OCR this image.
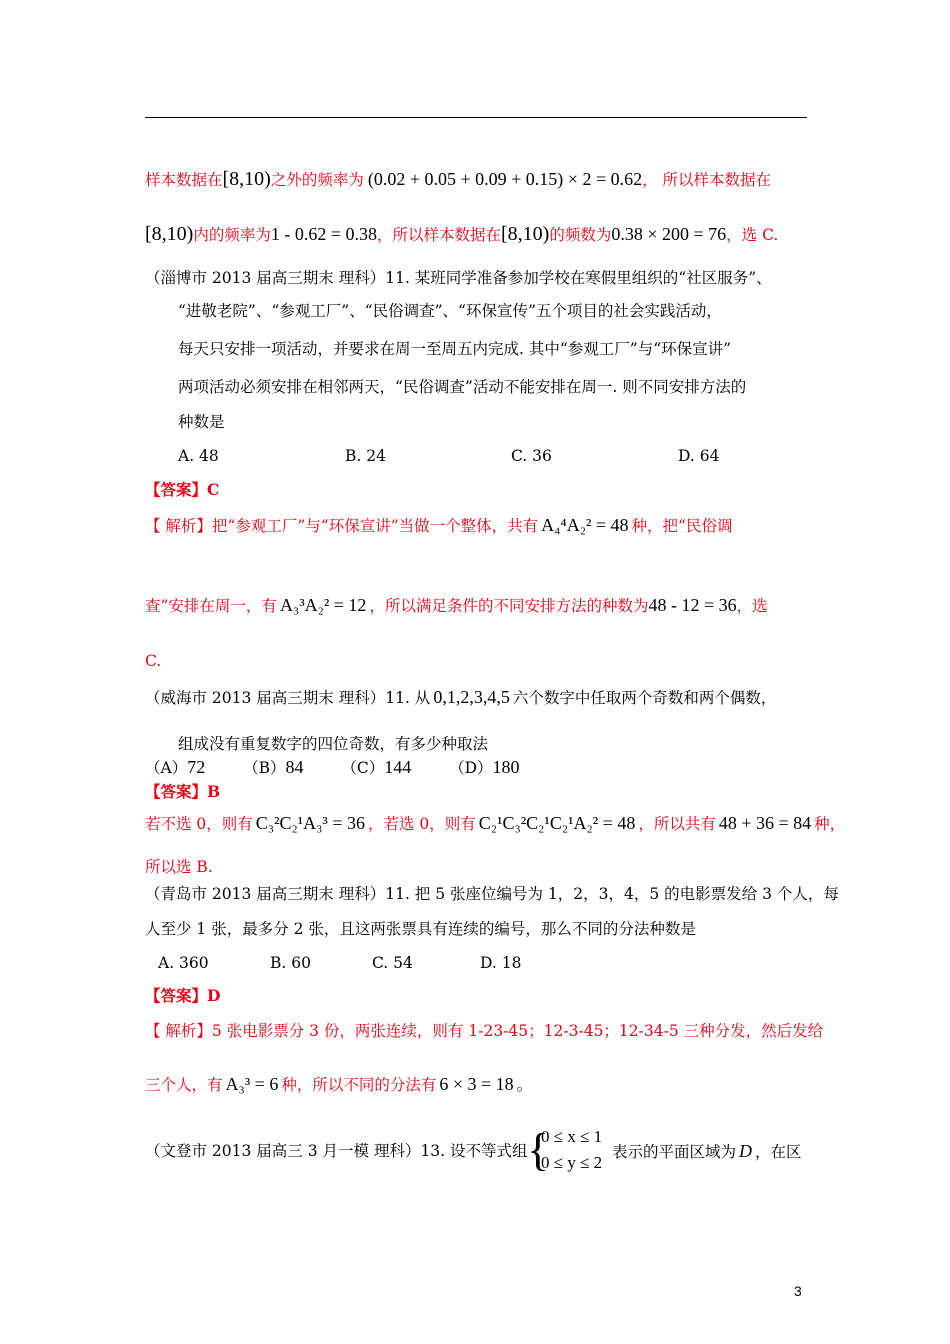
样本数据在[8,10)之外的频率为 (0.02 + 0.05 + 0.09 + 0.15) × 2 = 0.62， 所以样本数据在
[8,10)内的频率为1 - 0.62 = 0.38，所以样本数据在[8,10)的频数为0.38 × 200 = 76，选 C.
（淄博市 2013 届高三期末 理科）11. 某班同学准备参加学校在寒假里组织的“社区服务”、
“进敬老院”、“参观工厂”、“民俗调查”、“环保宣传”五个项目的社会实践活动，
每天只安排一项活动，并要求在周一至周五内完成. 其中“参观工厂”与“环保宣讲”
两项活动必须安排在相邻两天，“民俗调查”活动不能安排在周一. 则不同安排方法的
种数是
A. 48	B. 24	C. 36	D. 64
【答案】C
【 解析】把“参观工厂”与“环保宣讲”当做一个整体，共有 A₄⁴A₂² = 48 种，把“民俗调
查”安排在周一，有 A₃³A₂² = 12 ，所以满足条件的不同安排方法的种数为48 - 12 = 36，选
C.
（威海市 2013 届高三期末 理科）11. 从 0,1,2,3,4,5 六个数字中任取两个奇数和两个偶数，
组成没有重复数字的四位奇数，有多少种取法
（A）72 （B）84 （C）144 （D）180
【答案】B
若不选 0，则有 C₃²C₂¹A₃³ = 36 ，若选 0，则有 C₂¹C₃²C₂¹C₂¹A₂² = 48 ，所以共有 48 + 36 = 84 种，
所以选 B.
（青岛市 2013 届高三期末 理科）11. 把 5 张座位编号为 1，2，3，4，5 的电影票发给 3 个人，每
人至少 1 张，最多分 2 张，且这两张票具有连续的编号，那么不同的分法种数是
A. 360	B. 60	C. 54	D. 18
【答案】D
【 解析】5 张电影票分 3 份，两张连续，则有 1-23-45；12-3-45；12-34-5 三种分发，然后发给
三个人，有 A₃³ = 6 种，所以不同的分法有 6 × 3 = 18 。
（文登市 2013 届高三 3 月一模 理科）13. 设不等式组 {
0 ≤ x ≤ 1
0 ≤ y ≤ 2
表示的平面区域为 D ，在区
3
